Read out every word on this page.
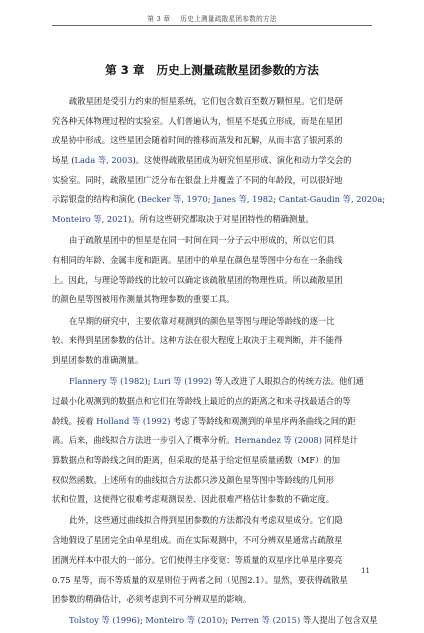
第 3 章 历史上测量疏散星团参数的方法
第 3 章 历史上测量疏散星团参数的方法
疏散星团是受引力约束的恒星系统，它们包含数百至数万颗恒星。它们是研
究各种天体物理过程的实验室。人们普遍认为，恒星不是孤立形成，而是在星团
或星协中形成。这些星团会随着时间的推移而蒸发和瓦解，从而丰富了银河系的
场星 (Lada 等, 2003)。这使得疏散星团成为研究恒星形成、演化和动力学交会的
实验室。同时，疏散星团广泛分布在银盘上并覆盖了不同的年龄段，可以很好地
示踪银盘的结构和演化 (Becker 等, 1970; Janes 等, 1982; Cantat-Gaudin 等, 2020a;
Monteiro 等, 2021)。所有这些研究都取决于对星团特性的精确测量。
由于疏散星团中的恒星是在同一时间在同一分子云中形成的，所以它们具
有相同的年龄、金属丰度和距离。星团中的单星在颜色星等图中分布在一条曲线
上。因此，与理论等龄线的比较可以确定该疏散星团的物理性质。所以疏散星团
的颜色星等图被用作测量其物理参数的重要工具。
在早期的研究中，主要依靠对观测到的颜色星等图与理论等龄线的逐一比
较、来得到星团参数的估计。这种方法在很大程度上取决于主观判断，并不能得
到星团参数的准确测量。
Flannery 等 (1982); Luri 等 (1992) 等人改进了人眼拟合的传统方法。他们通
过最小化观测到的数据点和它们在等龄线上最近的点的距离之和来寻找最适合的等
龄线。接着 Holland 等 (1992) 考虑了等龄线和观测到的单星序两条曲线之间的距
离。后来，曲线拟合方法进一步引入了概率分析。Hernandez 等 (2008) 同样是计
算数据点和等龄线之间的距离，但采取的是基于给定恒星质量函数（MF）的加
权似然函数。上述所有的曲线拟合方法都只涉及颜色星等图中等龄线的几何形
状和位置，这使得它很难考虑观测误差、因此很难严格估计参数的不确定度。
此外，这些通过曲线拟合得到星团参数的方法都没有考虑双星成分。它们隐
含地假设了星团完全由单星组成。而在实际观测中，不可分辨双星通常占疏散星
团测光样本中很大的一部分。它们使得主序变宽：等质量的双星序比单星序要亮
0.75 星等，而不等质量的双星则位于两者之间（见图2.1）。显然，要获得疏散星
团参数的精确估计，必须考虑到不可分辨双星的影响。
Tolstoy 等 (1996); Monteiro 等 (2010); Perren 等 (2015) 等人提出了包含双星
11
